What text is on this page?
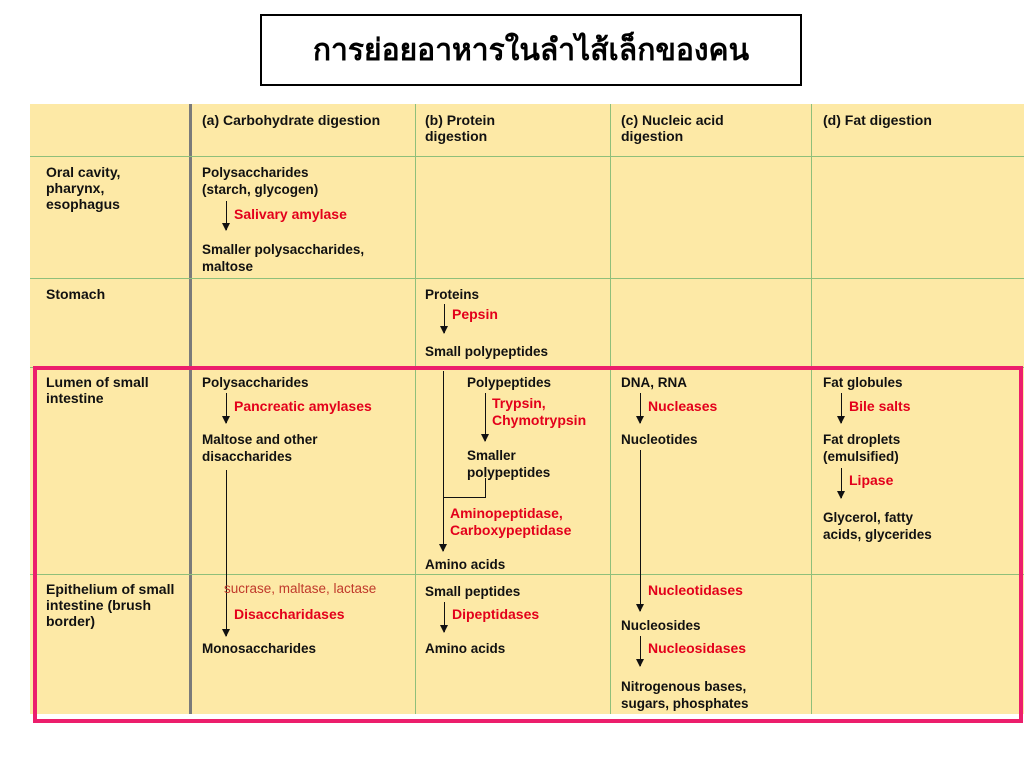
การย่อยอาหารในลำไส้เล็กของคน
(a) Carbohydrate digestion	(b) Protein digestion
(c) Nucleic acid digestion
(d) Fat digestion
Oral cavity, pharynx, esophagus
Stomach
Lumen of small intestine
Epithelium of small intestine (brush border)
Polysaccharides
(starch, glycogen)
Salivary amylase
Smaller polysaccharides,
maltose
Proteins
Pepsin
Small polypeptides
Polysaccharides
Pancreatic amylases
Maltose and other
disaccharides
Polypeptides
Trypsin,
Chymotrypsin
Smaller
polypeptides
Aminopeptidase,
Carboxypeptidase
Amino acids
DNA, RNA
Nucleases
Nucleotides
Fat globules
Bile salts
Fat droplets
(emulsified)
Lipase
Glycerol, fatty
acids, glycerides
sucrase, maltase, lactase
Disaccharidases
Monosaccharides
Small peptides
Dipeptidases
Amino acids
Nucleotidases
Nucleosides
Nucleosidases
Nitrogenous bases,
sugars, phosphates
